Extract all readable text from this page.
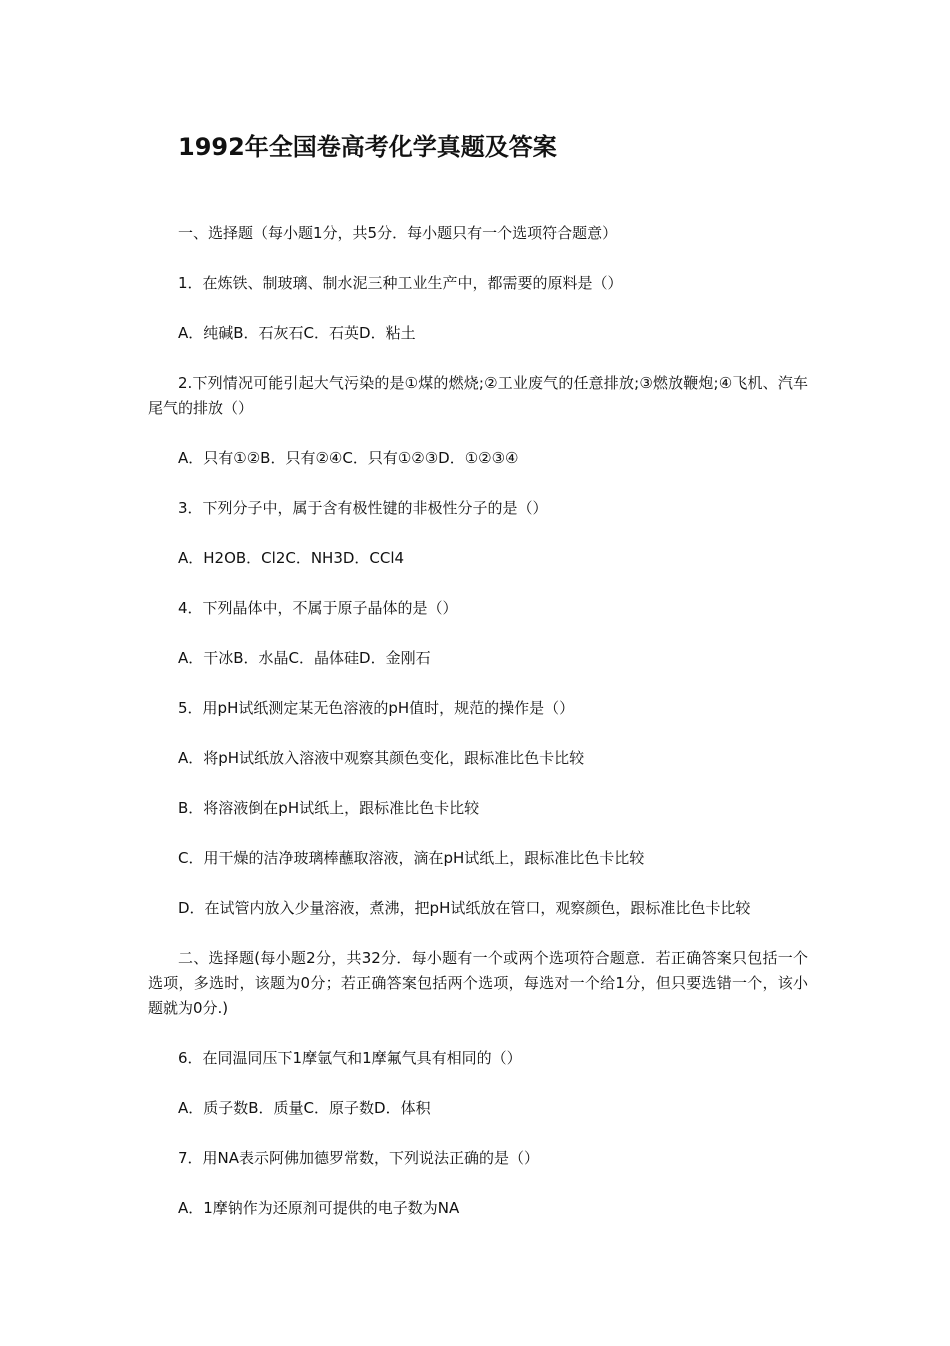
1992年全国卷高考化学真题及答案

一、选择题（每小题1分，共5分．每小题只有一个选项符合题意）

1．在炼铁、制玻璃、制水泥三种工业生产中，都需要的原料是（）

A．纯碱B．石灰石C．石英D．粘土

2.下列情况可能引起大气污染的是①煤的燃烧;②工业废气的任意排放;③燃放鞭炮;④飞机、汽车尾气的排放（）

A．只有①②B．只有②④C．只有①②③D．①②③④

3．下列分子中，属于含有极性键的非极性分子的是（）

A．H2OB．Cl2C．NH3D．CCl4

4．下列晶体中，不属于原子晶体的是（）

A．干冰B．水晶C．晶体硅D．金刚石

5．用pH试纸测定某无色溶液的pH值时，规范的操作是（）

A．将pH试纸放入溶液中观察其颜色变化，跟标准比色卡比较

B．将溶液倒在pH试纸上，跟标准比色卡比较

C．用干燥的洁净玻璃棒蘸取溶液，滴在pH试纸上，跟标准比色卡比较

D．在试管内放入少量溶液，煮沸，把pH试纸放在管口，观察颜色，跟标准比色卡比较

二、选择题(每小题2分，共32分．每小题有一个或两个选项符合题意．若正确答案只包括一个选项，多选时，该题为0分；若正确答案包括两个选项，每选对一个给1分，但只要选错一个，该小题就为0分.)

6．在同温同压下1摩氩气和1摩氟气具有相同的（）

A．质子数B．质量C．原子数D．体积

7．用NA表示阿佛加德罗常数，下列说法正确的是（）

A．1摩钠作为还原剂可提供的电子数为NA
